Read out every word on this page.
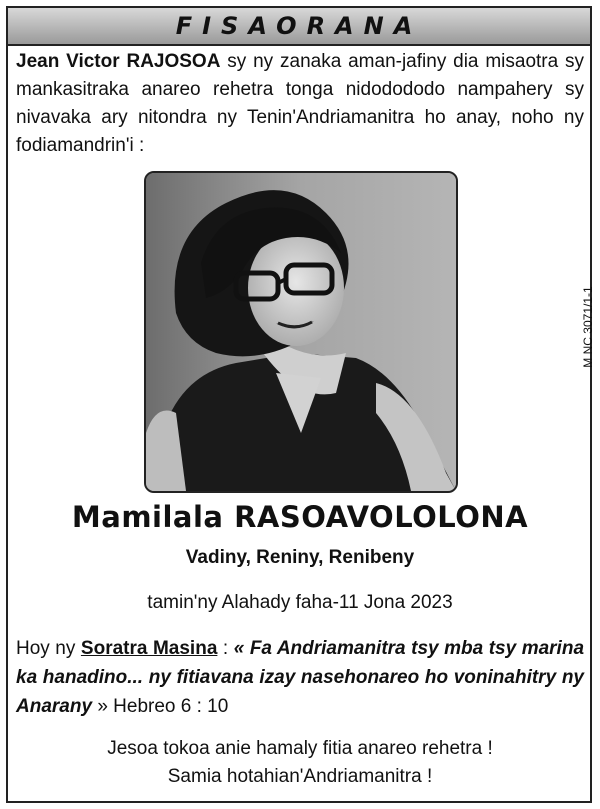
FISAORANA
Jean Victor RAJOSOA sy ny zanaka aman-jafiny dia misaotra sy mankasitraka anareo rehetra tonga nidodododo nampahery sy nivavaka ary nitondra ny Tenin'Andriamanitra ho anay, noho ny fodiamandrin'i :
M NC 3071/1-1
Mamilala RASOAVOLOLONA
Vadiny, Reniny, Renibeny
tamin'ny Alahady faha-11 Jona 2023
Hoy ny Soratra Masina : « Fa Andriamanitra tsy mba tsy marina ka hanadino... ny fitiavana izay nasehonareo ho voninahitry ny Anarany » Hebreo 6 : 10
Jesoa tokoa anie hamaly fitia anareo rehetra !
Samia hotahian'Andriamanitra !
